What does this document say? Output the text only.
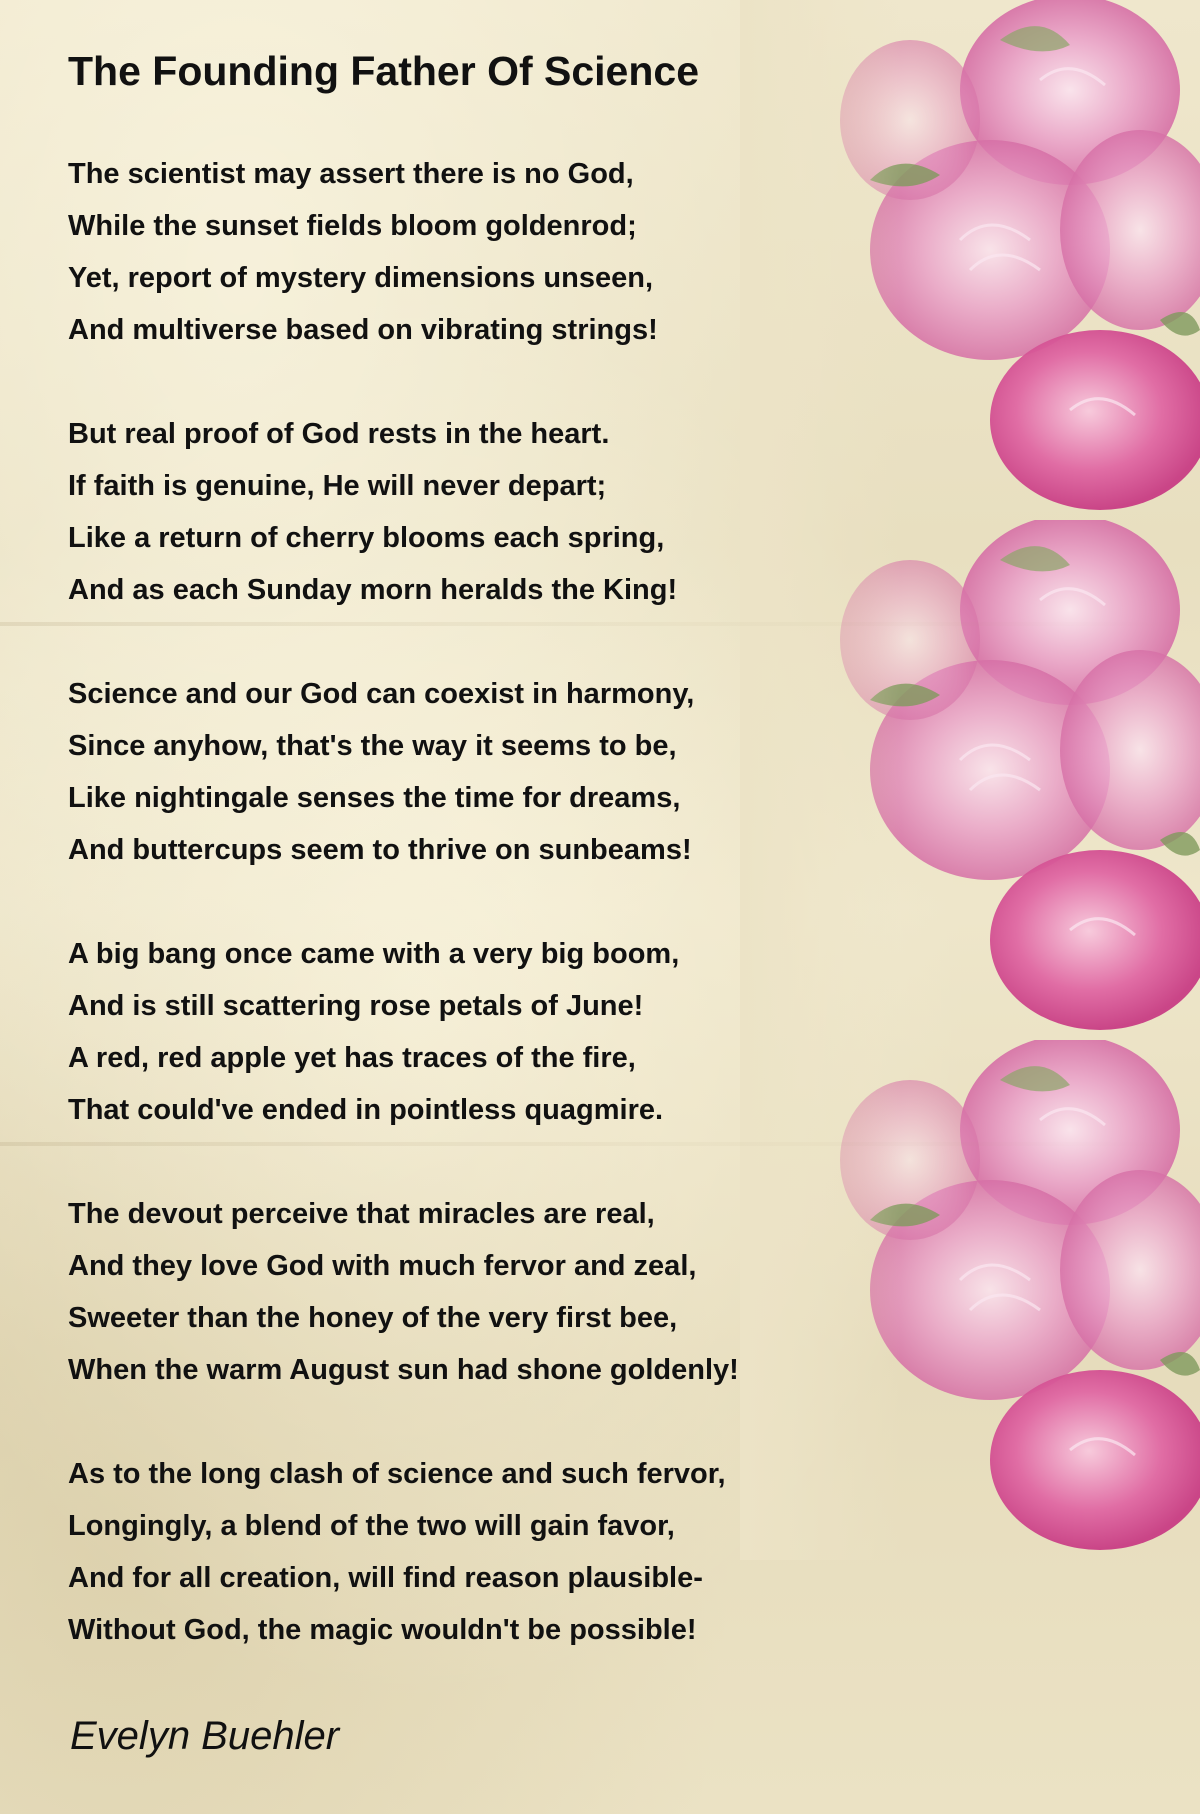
The Founding Father Of Science
The scientist may assert there is no God,
While the sunset fields bloom goldenrod;
Yet, report of mystery dimensions unseen,
And multiverse based on vibrating strings!
But real proof of God rests in the heart.
If faith is genuine, He will never depart;
Like a return of cherry blooms each spring,
And as each Sunday morn heralds the King!
Science and our God can coexist in harmony,
Since anyhow, that's the way it seems to be,
Like nightingale senses the time for dreams,
And buttercups seem to thrive on sunbeams!
A big bang once came with a very big boom,
And is still scattering rose petals of June!
A red, red apple yet has traces of the fire,
That could've ended in pointless quagmire.
The devout perceive that miracles are real,
And they love God with much fervor and zeal,
Sweeter than the honey of the very first bee,
When the warm August sun had shone goldenly!
As to the long clash of science and such fervor,
Longingly, a blend of the two will gain favor,
And for all creation, will find reason plausible-
Without God, the magic wouldn't be possible!
Evelyn Buehler
